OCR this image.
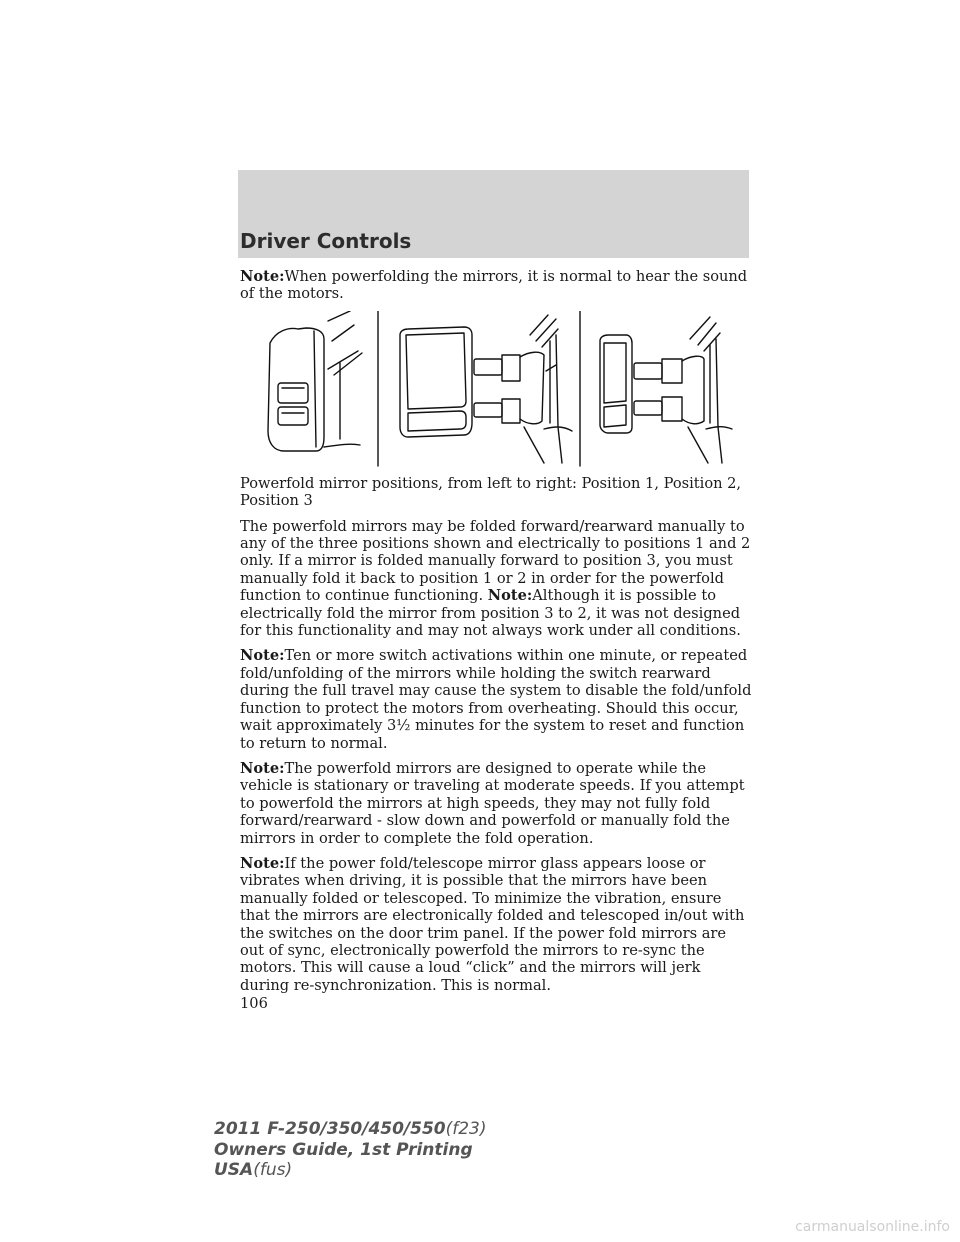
Driver Controls

Note:When powerfolding the mirrors, it is normal to hear the sound of the motors.

Powerfold mirror positions, from left to right: Position 1, Position 2, Position 3

The powerfold mirrors may be folded forward/rearward manually to any of the three positions shown and electrically to positions 1 and 2 only. If a mirror is folded manually forward to position 3, you must manually fold it back to position 1 or 2 in order for the powerfold function to continue functioning. Note:Although it is possible to electrically fold the mirror from position 3 to 2, it was not designed for this functionality and may not always work under all conditions.

Note:Ten or more switch activations within one minute, or repeated fold/unfolding of the mirrors while holding the switch rearward during the full travel may cause the system to disable the fold/unfold function to protect the motors from overheating. Should this occur, wait approximately 3½ minutes for the system to reset and function to return to normal.

Note:The powerfold mirrors are designed to operate while the vehicle is stationary or traveling at moderate speeds. If you attempt to powerfold the mirrors at high speeds, they may not fully fold forward/rearward - slow down and powerfold or manually fold the mirrors in order to complete the fold operation.

Note:If the power fold/telescope mirror glass appears loose or vibrates when driving, it is possible that the mirrors have been manually folded or telescoped. To minimize the vibration, ensure that the mirrors are electronically folded and telescoped in/out with the switches on the door trim panel. If the power fold mirrors are out of sync, electronically powerfold the mirrors to re-sync the motors. This will cause a loud “click” and the mirrors will jerk during re-synchronization. This is normal.

106
2011 F-250/350/450/550(f23)
Owners Guide, 1st Printing
USA(fus)
carmanualsonline.info
